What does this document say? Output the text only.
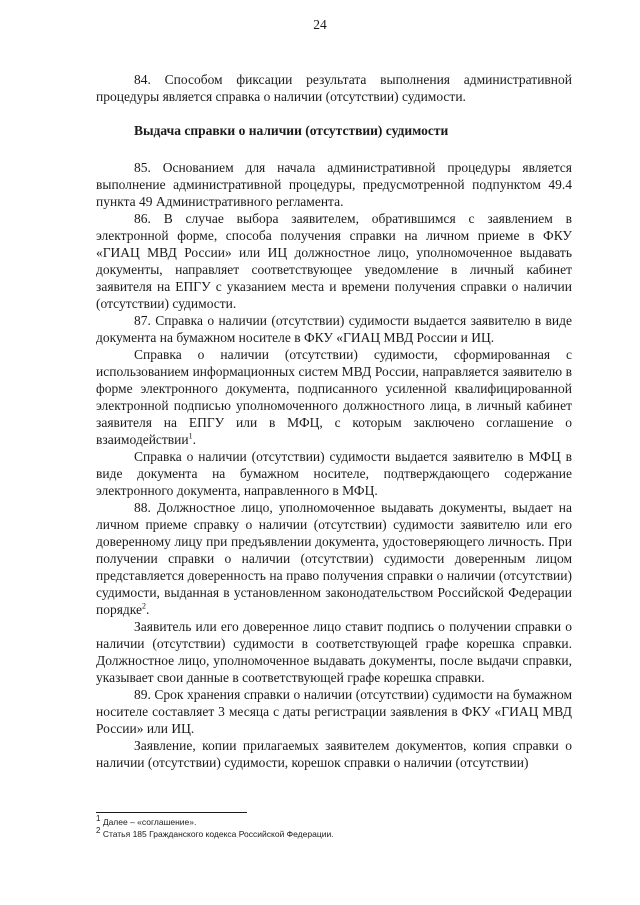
24

84. Способом фиксации результата выполнения административной процедуры является справка о наличии (отсутствии) судимости.

Выдача справки о наличии (отсутствии) судимости

85. Основанием для начала административной процедуры является выполнение административной процедуры, предусмотренной подпунктом 49.4 пункта 49 Административного регламента.

86. В случае выбора заявителем, обратившимся с заявлением в электронной форме, способа получения справки на личном приеме в ФКУ «ГИАЦ МВД России» или ИЦ должностное лицо, уполномоченное выдавать документы, направляет соответствующее уведомление в личный кабинет заявителя на ЕПГУ с указанием места и времени получения справки о наличии (отсутствии) судимости.

87. Справка о наличии (отсутствии) судимости выдается заявителю в виде документа на бумажном носителе в ФКУ «ГИАЦ МВД России и ИЦ.

Справка о наличии (отсутствии) судимости, сформированная с использованием информационных систем МВД России, направляется заявителю в форме электронного документа, подписанного усиленной квалифицированной электронной подписью уполномоченного должностного лица, в личный кабинет заявителя на ЕПГУ или в МФЦ, с которым заключено соглашение о взаимодействии$^1$.

Справка о наличии (отсутствии) судимости выдается заявителю в МФЦ в виде документа на бумажном носителе, подтверждающего содержание электронного документа, направленного в МФЦ.

88. Должностное лицо, уполномоченное выдавать документы, выдает на личном приеме справку о наличии (отсутствии) судимости заявителю или его доверенному лицу при предъявлении документа, удостоверяющего личность. При получении справки о наличии (отсутствии) судимости доверенным лицом представляется доверенность на право получения справки о наличии (отсутствии) судимости, выданная в установленном законодательством Российской Федерации порядке$^2$.

Заявитель или его доверенное лицо ставит подпись о получении справки о наличии (отсутствии) судимости в соответствующей графе корешка справки. Должностное лицо, уполномоченное выдавать документы, после выдачи справки, указывает свои данные в соответствующей графе корешка справки.

89. Срок хранения справки о наличии (отсутствии) судимости на бумажном носителе составляет 3 месяца с даты регистрации заявления в ФКУ «ГИАЦ МВД России» или ИЦ.

Заявление, копии прилагаемых заявителем документов, копия справки о наличии (отсутствии) судимости, корешок справки о наличии (отсутствии)

$^1$ Далее – «соглашение».

$^2$ Статья 185 Гражданского кодекса Российской Федерации.
